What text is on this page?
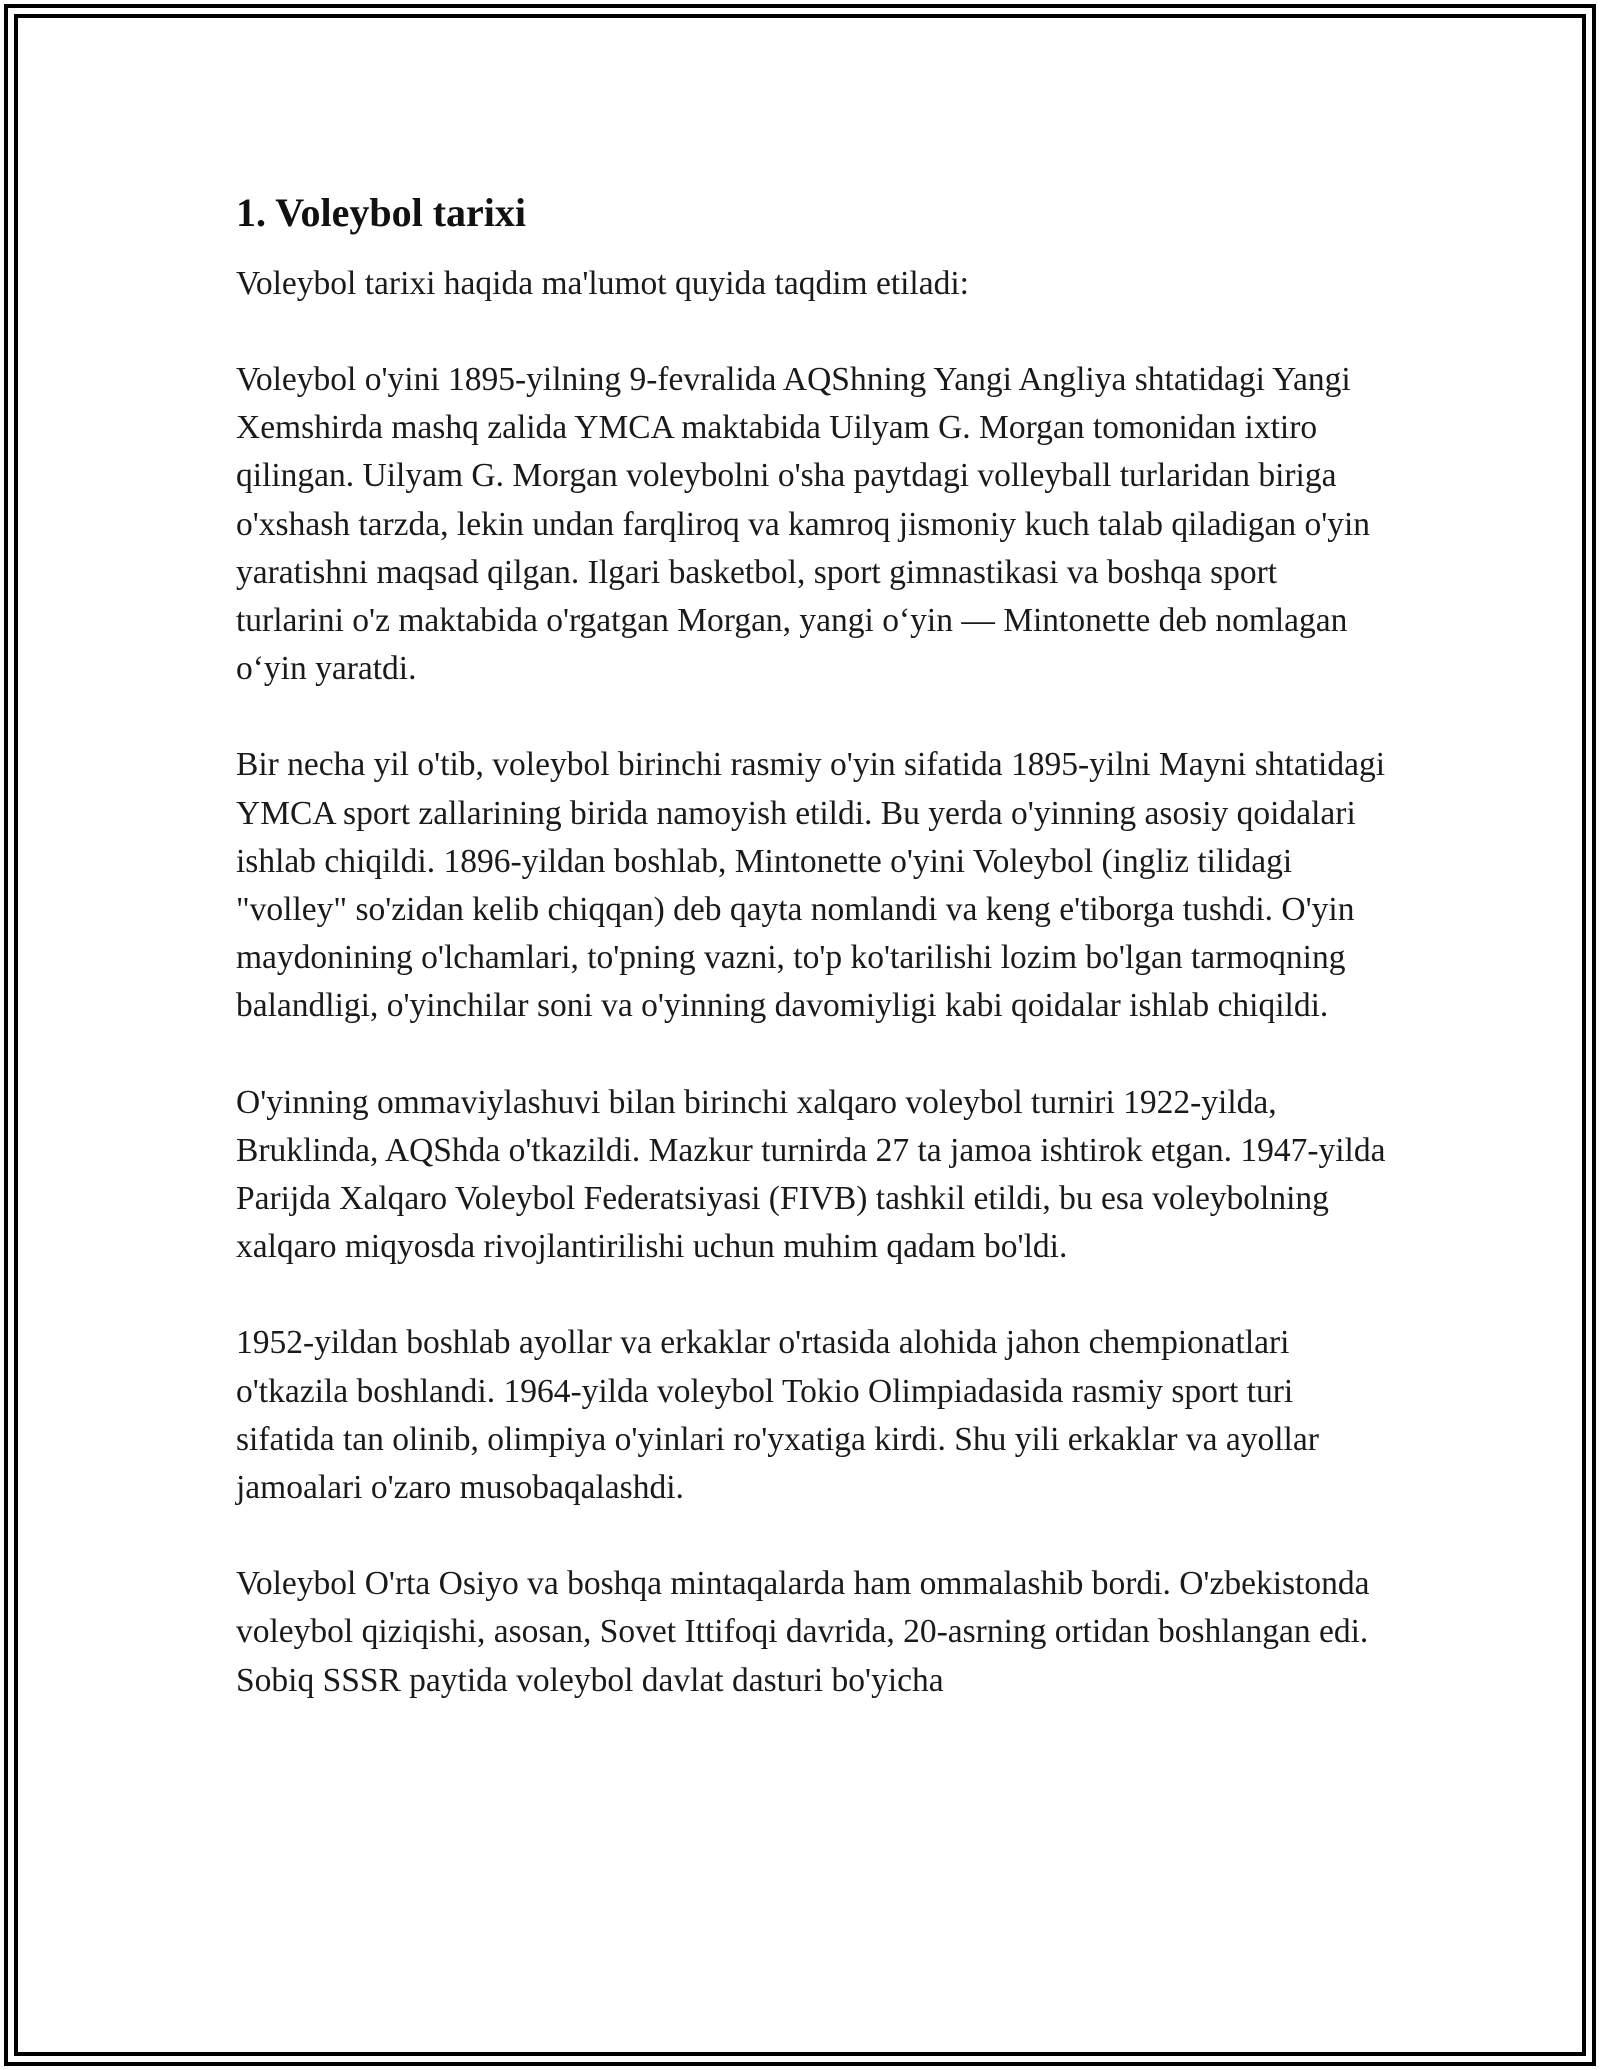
1. Voleybol tarixi

Voleybol tarixi haqida ma'lumot quyida taqdim etiladi:

Voleybol o'yini 1895-yilning 9-fevralida AQShning Yangi Angliya shtatidagi Yangi Xemshirda mashq zalida YMCA maktabida Uilyam G. Morgan tomonidan ixtiro qilingan. Uilyam G. Morgan voleybolni o'sha paytdagi volleyball turlaridan biriga o'xshash tarzda, lekin undan farqliroq va kamroq jismoniy kuch talab qiladigan o'yin yaratishni maqsad qilgan. Ilgari basketbol, sport gimnastikasi va boshqa sport turlarini o'z maktabida o'rgatgan Morgan, yangi o‘yin — Mintonette deb nomlagan o‘yin yaratdi.

Bir necha yil o'tib, voleybol birinchi rasmiy o'yin sifatida 1895-yilni Mayni shtatidagi YMCA sport zallarining birida namoyish etildi. Bu yerda o'yinning asosiy qoidalari ishlab chiqildi. 1896-yildan boshlab, Mintonette o'yini Voleybol (ingliz tilidagi "volley" so'zidan kelib chiqqan) deb qayta nomlandi va keng e'tiborga tushdi. O'yin maydonining o'lchamlari, to'pning vazni, to'p ko'tarilishi lozim bo'lgan tarmoqning balandligi, o'yinchilar soni va o'yinning davomiyligi kabi qoidalar ishlab chiqildi.

O'yinning ommaviylashuvi bilan birinchi xalqaro voleybol turniri 1922-yilda, Bruklinda, AQShda o'tkazildi. Mazkur turnirda 27 ta jamoa ishtirok etgan. 1947-yilda Parijda Xalqaro Voleybol Federatsiyasi (FIVB) tashkil etildi, bu esa voleybolning xalqaro miqyosda rivojlantirilishi uchun muhim qadam bo'ldi.

1952-yildan boshlab ayollar va erkaklar o'rtasida alohida jahon chempionatlari o'tkazila boshlandi. 1964-yilda voleybol Tokio Olimpiadasida rasmiy sport turi sifatida tan olinib, olimpiya o'yinlari ro'yxatiga kirdi. Shu yili erkaklar va ayollar jamoalari o'zaro musobaqalashdi.

Voleybol O'rta Osiyo va boshqa mintaqalarda ham ommalashib bordi. O'zbekistonda voleybol qiziqishi, asosan, Sovet Ittifoqi davrida, 20-asrning ortidan boshlangan edi. Sobiq SSSR paytida voleybol davlat dasturi bo'yicha
